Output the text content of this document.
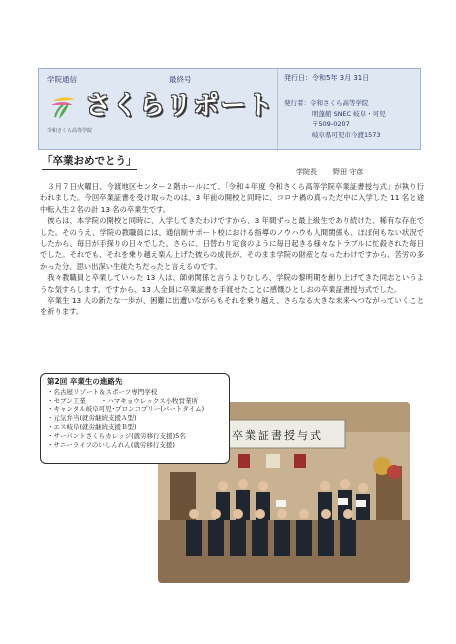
学院通信	最終号
さくらリポート
令和さくら高等学院
発行日：令和5年 3月 31日
発行者：令和さくら高等学院
明蓬館 SNEC 岐阜・可児
〒509-0207
岐阜県可児市今渡1573
「卒業おめでとう」
学院長 野田 守彦

３月７日火曜日、今渡地区センター２階ホールにて、「令和４年度 令和さくら高等学院卒業証書授与式」が執り行われました。今回卒業証書を受け取ったのは、3 年前の開校と同時に、コロナ禍の真っただ中に入学した 11 名と途中転入生２名の計 13 名の卒業生です。

彼らは、本学院の開校と同時に、入学してきたわけですから、3 年間ずっと最上級生であり続けた、稀有な存在でした。そのうえ、学院の教職員には、通信制サポート校における指導のノウハウも人間関係も、ほぼ何もない状況でしたから、毎日が手探りの日々でした。さらに、日替わり定食のように毎日起きる様々なトラブルに忙殺された毎日でした。それでも、それを乗り越え楽ん上げた彼らの成長が、そのまま学院の財産となったわけですから、苦労の多かった分、思い出深い生徒たちだったと言えるのです。

我々教職員と卒業していった 13 人は、師弟関係と言うよりむしろ、学院の黎明期を創り上げてきた同志というような気すらします。ですから、13 人全員に卒業証書を手渡せたことに感慨ひとしおの卒業証書授与式でした。

卒業生 13 人の新たな一歩が、困難に出遭いながらもそれを乗り越え、さらなる大きな未来へつながっていくことを祈ります。

卒業証書授与式
第2回 卒業生の進路先
・名古屋リゾート＆スポーツ専門学校
・セブン工業 　　・ハマキョウレックス小牧営業所
・キャンタル岐阜可児･プロンコプリー(パートタイム)
・元気弁当(就労継続支援Ａ型)
・エス岐阜(就労継続支援Ｂ型)
・サーパントさくらカレッジ(就労移行支援)5名
・サニーライフのいしんれん(就労移行支援)
